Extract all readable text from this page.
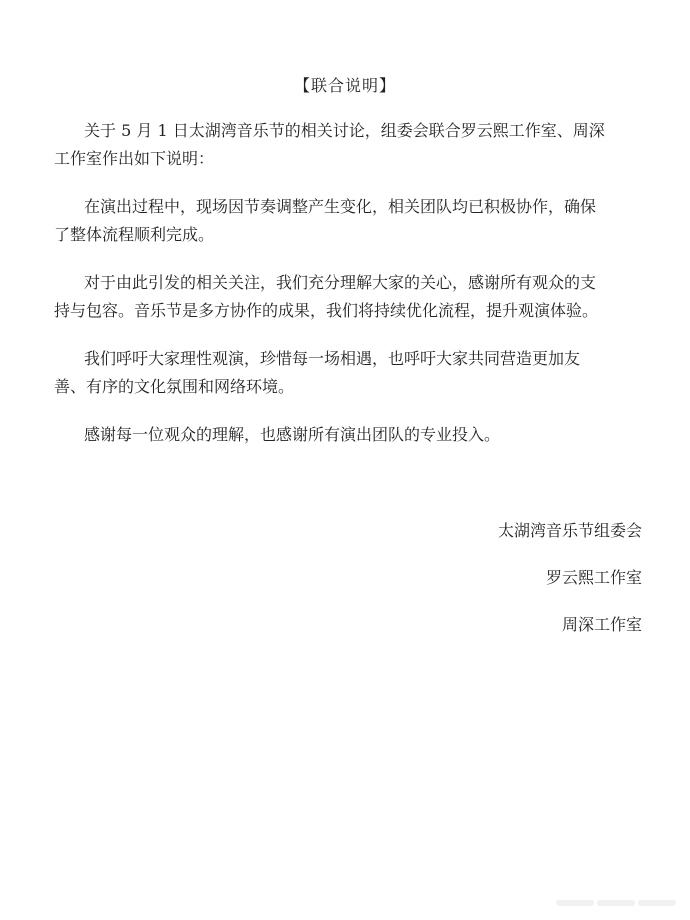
【联合说明】

关于 5 月 1 日太湖湾音乐节的相关讨论，组委会联合罗云熙工作室、周深
工作室作出如下说明：

在演出过程中，现场因节奏调整产生变化，相关团队均已积极协作，确保
了整体流程顺利完成。

对于由此引发的相关关注，我们充分理解大家的关心，感谢所有观众的支
持与包容。音乐节是多方协作的成果，我们将持续优化流程，提升观演体验。

我们呼吁大家理性观演，珍惜每一场相遇，也呼吁大家共同营造更加友
善、有序的文化氛围和网络环境。

感谢每一位观众的理解，也感谢所有演出团队的专业投入。

太湖湾音乐节组委会
罗云熙工作室
周深工作室
